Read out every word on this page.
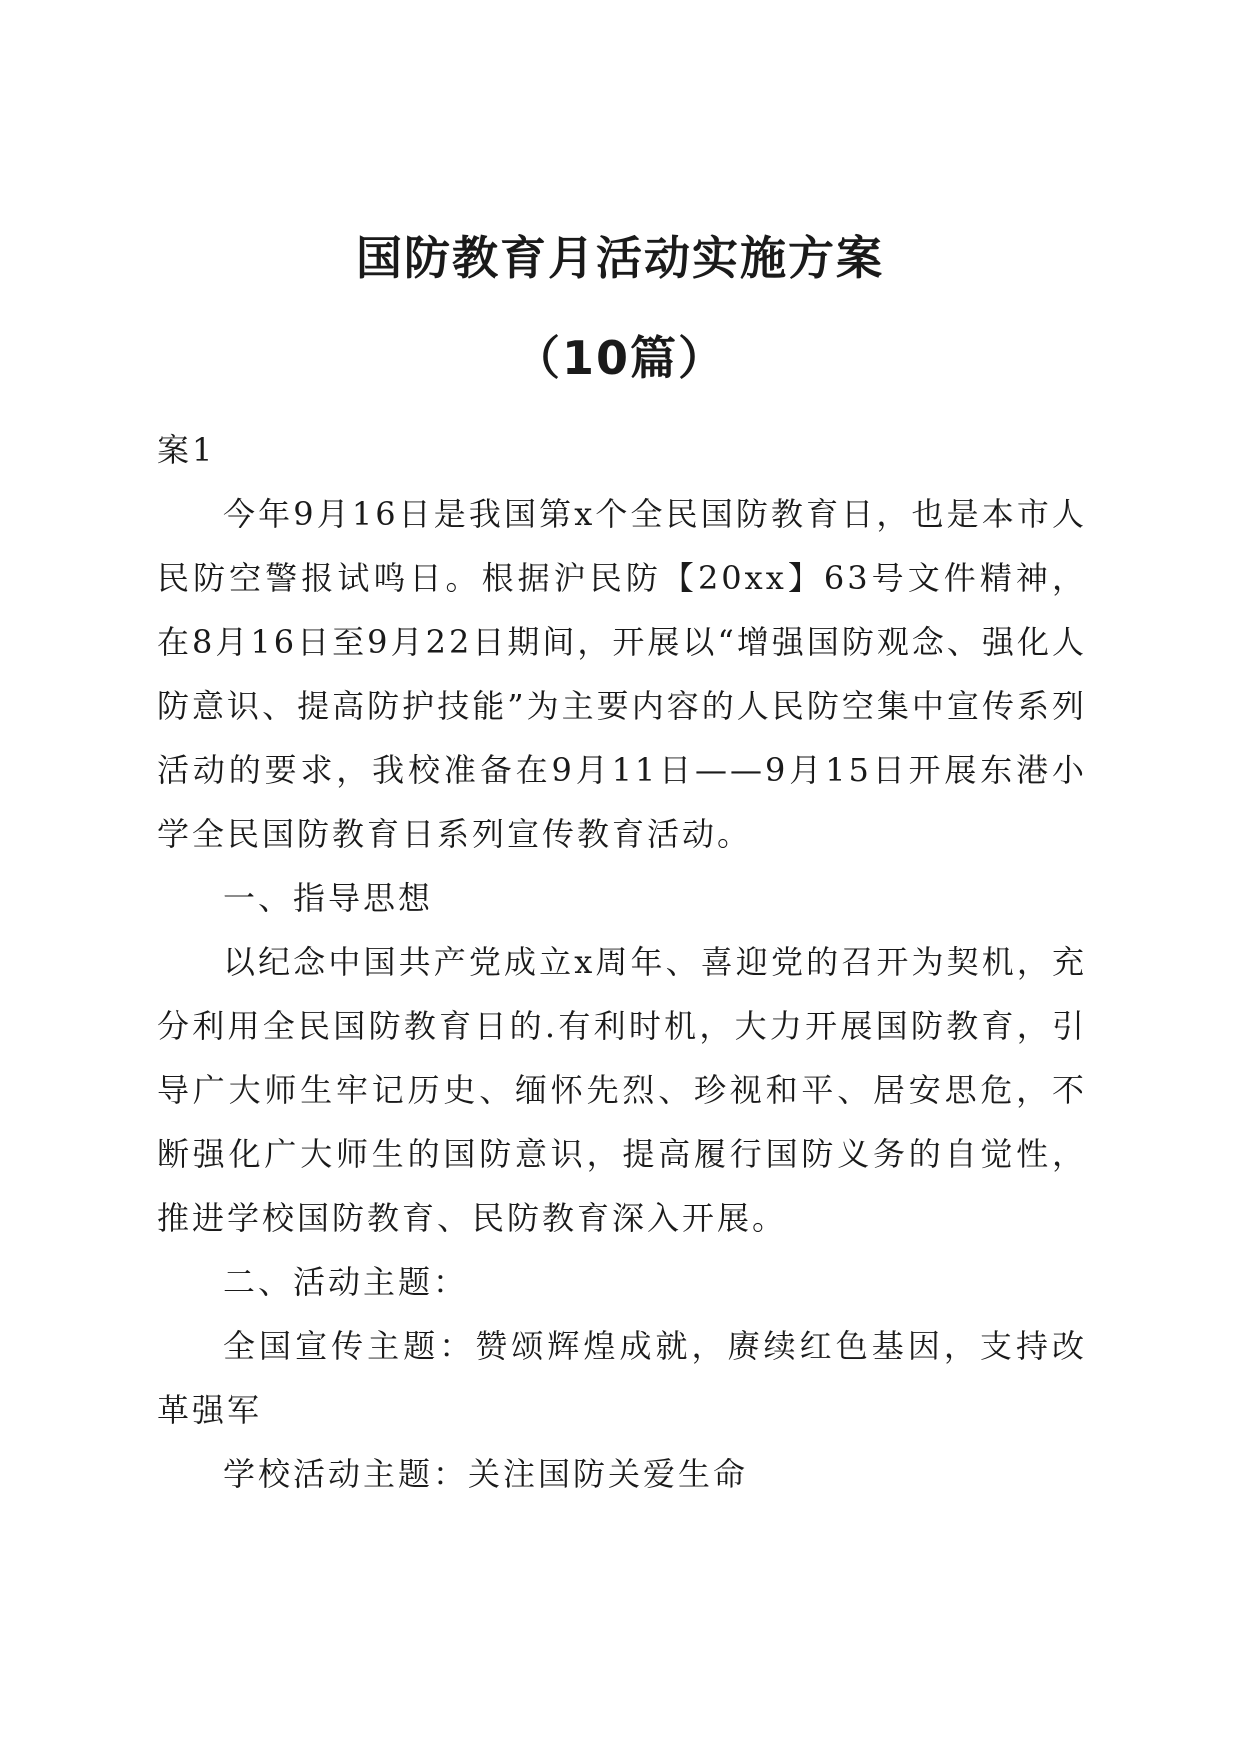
国防教育月活动实施方案
（10篇）

案1

今年9月16日是我国第x个全民国防教育日，也是本市人民防空警报试鸣日。根据沪民防【20xx】63号文件精神，在8月16日至9月22日期间，开展以“增强国防观念、强化人防意识、提高防护技能”为主要内容的人民防空集中宣传系列活动的要求，我校准备在9月11日——9月15日开展东港小学全民国防教育日系列宣传教育活动。

一、指导思想

以纪念中国共产党成立x周年、喜迎党的召开为契机，充分利用全民国防教育日的.有利时机，大力开展国防教育，引导广大师生牢记历史、缅怀先烈、珍视和平、居安思危，不断强化广大师生的国防意识，提高履行国防义务的自觉性，推进学校国防教育、民防教育深入开展。

二、活动主题：

全国宣传主题：赞颂辉煌成就，赓续红色基因，支持改革强军

学校活动主题：关注国防关爱生命
